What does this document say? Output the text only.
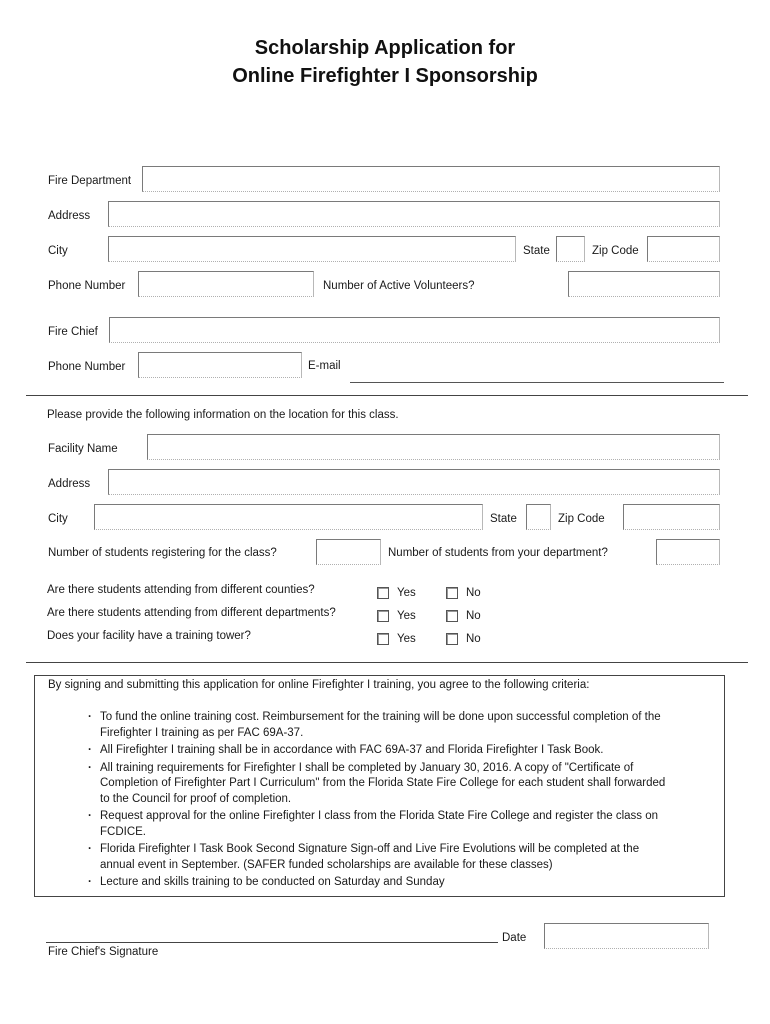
Scholarship Application for
Online Firefighter I Sponsorship
Fire Department
Address
City	State	Zip Code
Phone Number	Number of Active Volunteers?
Fire Chief
Phone Number	E-mail
Please provide the following information on the location for this class.
Facility Name
Address
City	State	Zip Code
Number of students registering for the class?	Number of students from your department?
Are there students attending from different counties?	Yes	No
Are there students attending from different departments?	Yes	No
Does your facility have a training tower?	Yes	No
By signing and submitting this application for online Firefighter I training, you agree to the following criteria:
· To fund the online training cost. Reimbursement for the training will be done upon successful completion of the Firefighter I training as per FAC 69A-37.
· All Firefighter I training shall be in accordance with FAC 69A-37 and Florida Firefighter I Task Book.
· All training requirements for Firefighter I shall be completed by January 30, 2016. A copy of "Certificate of Completion of Firefighter Part I Curriculum" from the Florida State Fire College for each student shall forwarded to the Council for proof of completion.
· Request approval for the online Firefighter I class from the Florida State Fire College and register the class on FCDICE.
· Florida Firefighter I Task Book Second Signature Sign-off and Live Fire Evolutions will be completed at the annual event in September. (SAFER funded scholarships are available for these classes)
· Lecture and skills training to be conducted on Saturday and Sunday
Date
Fire Chief's Signature
